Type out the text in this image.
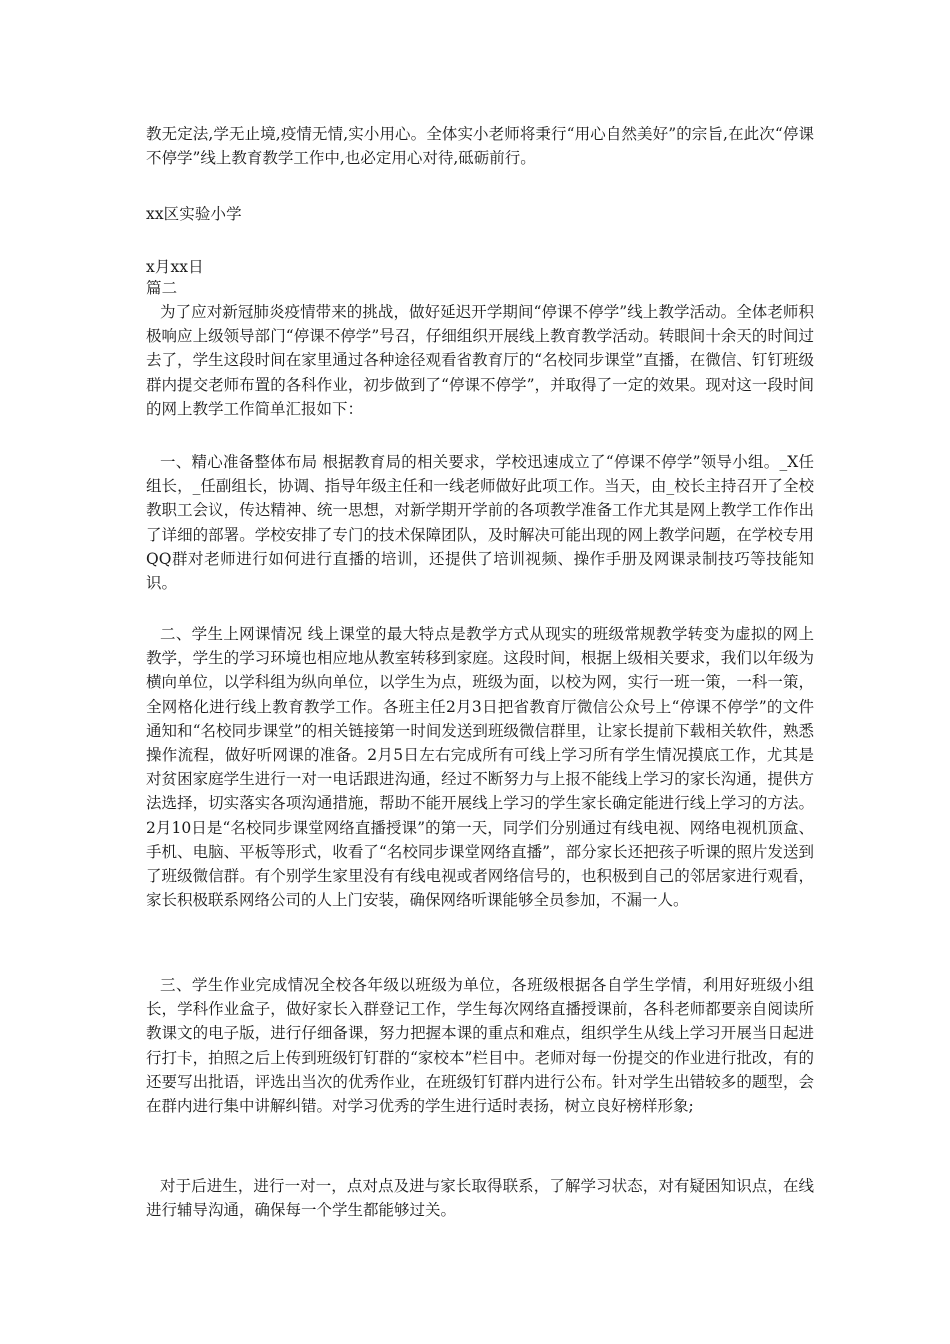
教无定法,学无止境,疫情无情,实小用心。全体实小老师将秉行“用心自然美好”的宗旨,在此次“停课不停学”线上教育教学工作中,也必定用心对待,砥砺前行。

xx区实验小学

x月xx日

篇二

为了应对新冠肺炎疫情带来的挑战，做好延迟开学期间“停课不停学”线上教学活动。全体老师积极响应上级领导部门“停课不停学”号召，仔细组织开展线上教育教学活动。转眼间十余天的时间过去了，学生这段时间在家里通过各种途径观看省教育厅的“名校同步课堂”直播，在微信、钉钉班级群内提交老师布置的各科作业，初步做到了“停课不停学”，并取得了一定的效果。现对这一段时间的网上教学工作简单汇报如下：

一、精心准备整体布局 根据教育局的相关要求，学校迅速成立了“停课不停学”领导小组。_X任组长，_任副组长，协调、指导年级主任和一线老师做好此项工作。当天，由_校长主持召开了全校教职工会议，传达精神、统一思想，对新学期开学前的各项教学准备工作尤其是网上教学工作作出了详细的部署。学校安排了专门的技术保障团队，及时解决可能出现的网上教学问题，在学校专用QQ群对老师进行如何进行直播的培训，还提供了培训视频、操作手册及网课录制技巧等技能知识。

二、学生上网课情况 线上课堂的最大特点是教学方式从现实的班级常规教学转变为虚拟的网上教学，学生的学习环境也相应地从教室转移到家庭。这段时间，根据上级相关要求，我们以年级为横向单位，以学科组为纵向单位，以学生为点，班级为面，以校为网，实行一班一策，一科一策，全网格化进行线上教育教学工作。各班主任2月3日把省教育厅微信公众号上“停课不停学”的文件通知和“名校同步课堂”的相关链接第一时间发送到班级微信群里，让家长提前下载相关软件，熟悉操作流程，做好听网课的准备。2月5日左右完成所有可线上学习所有学生情况摸底工作，尤其是对贫困家庭学生进行一对一电话跟进沟通，经过不断努力与上报不能线上学习的家长沟通，提供方法选择，切实落实各项沟通措施，帮助不能开展线上学习的学生家长确定能进行线上学习的方法。2月10日是“名校同步课堂网络直播授课”的第一天，同学们分别通过有线电视、网络电视机顶盒、手机、电脑、平板等形式，收看了“名校同步课堂网络直播”，部分家长还把孩子听课的照片发送到了班级微信群。有个别学生家里没有有线电视或者网络信号的，也积极到自己的邻居家进行观看，家长积极联系网络公司的人上门安装，确保网络听课能够全员参加，不漏一人。

三、学生作业完成情况全校各年级以班级为单位，各班级根据各自学生学情，利用好班级小组长，学科作业盒子，做好家长入群登记工作，学生每次网络直播授课前，各科老师都要亲自阅读所教课文的电子版，进行仔细备课，努力把握本课的重点和难点，组织学生从线上学习开展当日起进行打卡，拍照之后上传到班级钉钉群的“家校本”栏目中。老师对每一份提交的作业进行批改，有的还要写出批语，评选出当次的优秀作业，在班级钉钉群内进行公布。针对学生出错较多的题型，会在群内进行集中讲解纠错。对学习优秀的学生进行适时表扬，树立良好榜样形象;

对于后进生，进行一对一，点对点及进与家长取得联系，了解学习状态，对有疑困知识点，在线进行辅导沟通，确保每一个学生都能够过关。
